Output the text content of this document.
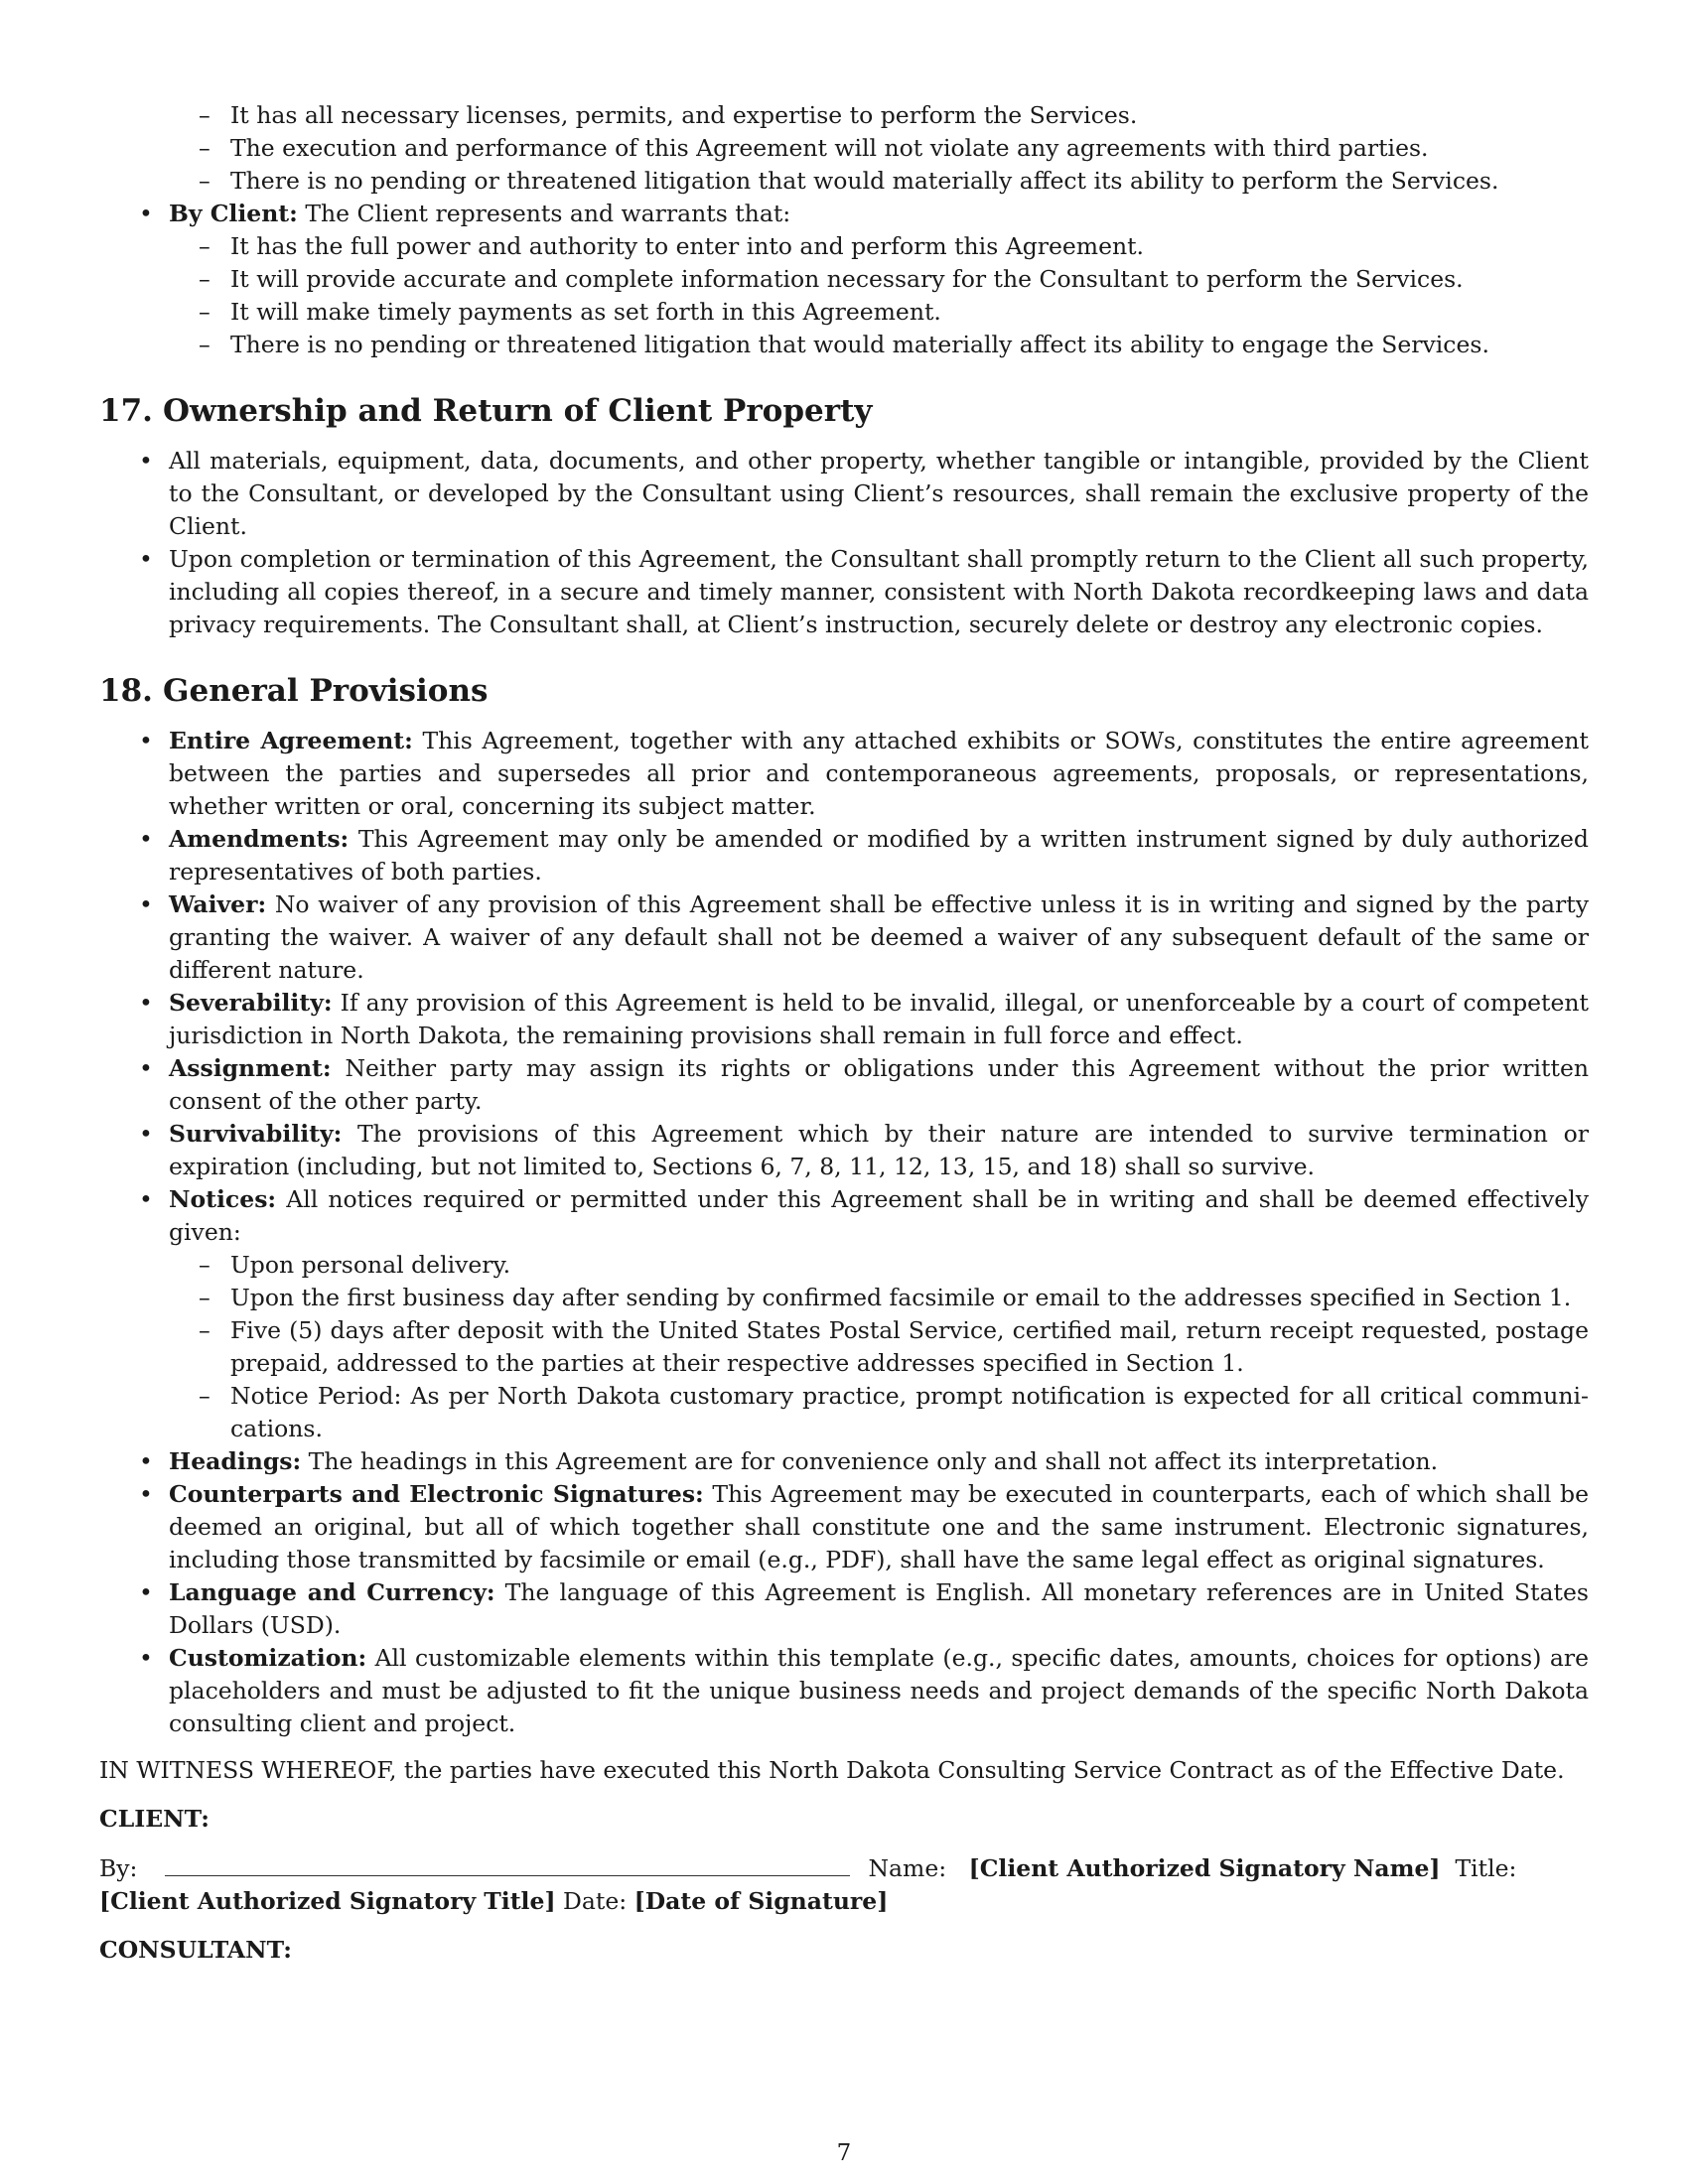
– It has all necessary licenses, permits, and expertise to perform the Services.
– The execution and performance of this Agreement will not violate any agreements with third parties.
– There is no pending or threatened litigation that would materially affect its ability to perform the Services.
• By Client: The Client represents and warrants that:
– It has the full power and authority to enter into and perform this Agreement.
– It will provide accurate and complete information necessary for the Consultant to perform the Services.
– It will make timely payments as set forth in this Agreement.
– There is no pending or threatened litigation that would materially affect its ability to engage the Services.
17. Ownership and Return of Client Property
• All materials, equipment, data, documents, and other property, whether tangible or intangible, provided by the Client to the Consultant, or developed by the Consultant using Client’s resources, shall remain the exclusive property of the Client.
• Upon completion or termination of this Agreement, the Consultant shall promptly return to the Client all such property, including all copies thereof, in a secure and timely manner, consistent with North Dakota recordkeeping laws and data privacy requirements. The Consultant shall, at Client’s instruction, securely delete or destroy any electronic copies.
18. General Provisions
• Entire Agreement: This Agreement, together with any attached exhibits or SOWs, constitutes the entire agreement between the parties and supersedes all prior and contemporaneous agreements, proposals, or representations, whether written or oral, concerning its subject matter.
• Amendments: This Agreement may only be amended or modified by a written instrument signed by duly authorized representatives of both parties.
• Waiver: No waiver of any provision of this Agreement shall be effective unless it is in writing and signed by the party granting the waiver. A waiver of any default shall not be deemed a waiver of any subsequent default of the same or different nature.
• Severability: If any provision of this Agreement is held to be invalid, illegal, or unenforceable by a court of competent jurisdiction in North Dakota, the remaining provisions shall remain in full force and effect.
• Assignment: Neither party may assign its rights or obligations under this Agreement without the prior written consent of the other party.
• Survivability: The provisions of this Agreement which by their nature are intended to survive termination or expiration (including, but not limited to, Sections 6, 7, 8, 11, 12, 13, 15, and 18) shall so survive.
• Notices: All notices required or permitted under this Agreement shall be in writing and shall be deemed effectively given:
– Upon personal delivery.
– Upon the first business day after sending by confirmed facsimile or email to the addresses specified in Section 1.
– Five (5) days after deposit with the United States Postal Service, certified mail, return receipt requested, postage prepaid, addressed to the parties at their respective addresses specified in Section 1.
– Notice Period: As per North Dakota customary practice, prompt notification is expected for all critical communi-cations.
• Headings: The headings in this Agreement are for convenience only and shall not affect its interpretation.
• Counterparts and Electronic Signatures: This Agreement may be executed in counterparts, each of which shall be deemed an original, but all of which together shall constitute one and the same instrument. Electronic signatures, including those transmitted by facsimile or email (e.g., PDF), shall have the same legal effect as original signatures.
• Language and Currency: The language of this Agreement is English. All monetary references are in United States Dollars (USD).
• Customization: All customizable elements within this template (e.g., specific dates, amounts, choices for options) are placeholders and must be adjusted to fit the unique business needs and project demands of the specific North Dakota consulting client and project.

IN WITNESS WHEREOF, the parties have executed this North Dakota Consulting Service Contract as of the Effective Date.

CLIENT:

By:	Name: [Client Authorized Signatory Name] Title:
[Client Authorized Signatory Title] Date: [Date of Signature]

CONSULTANT:

7
